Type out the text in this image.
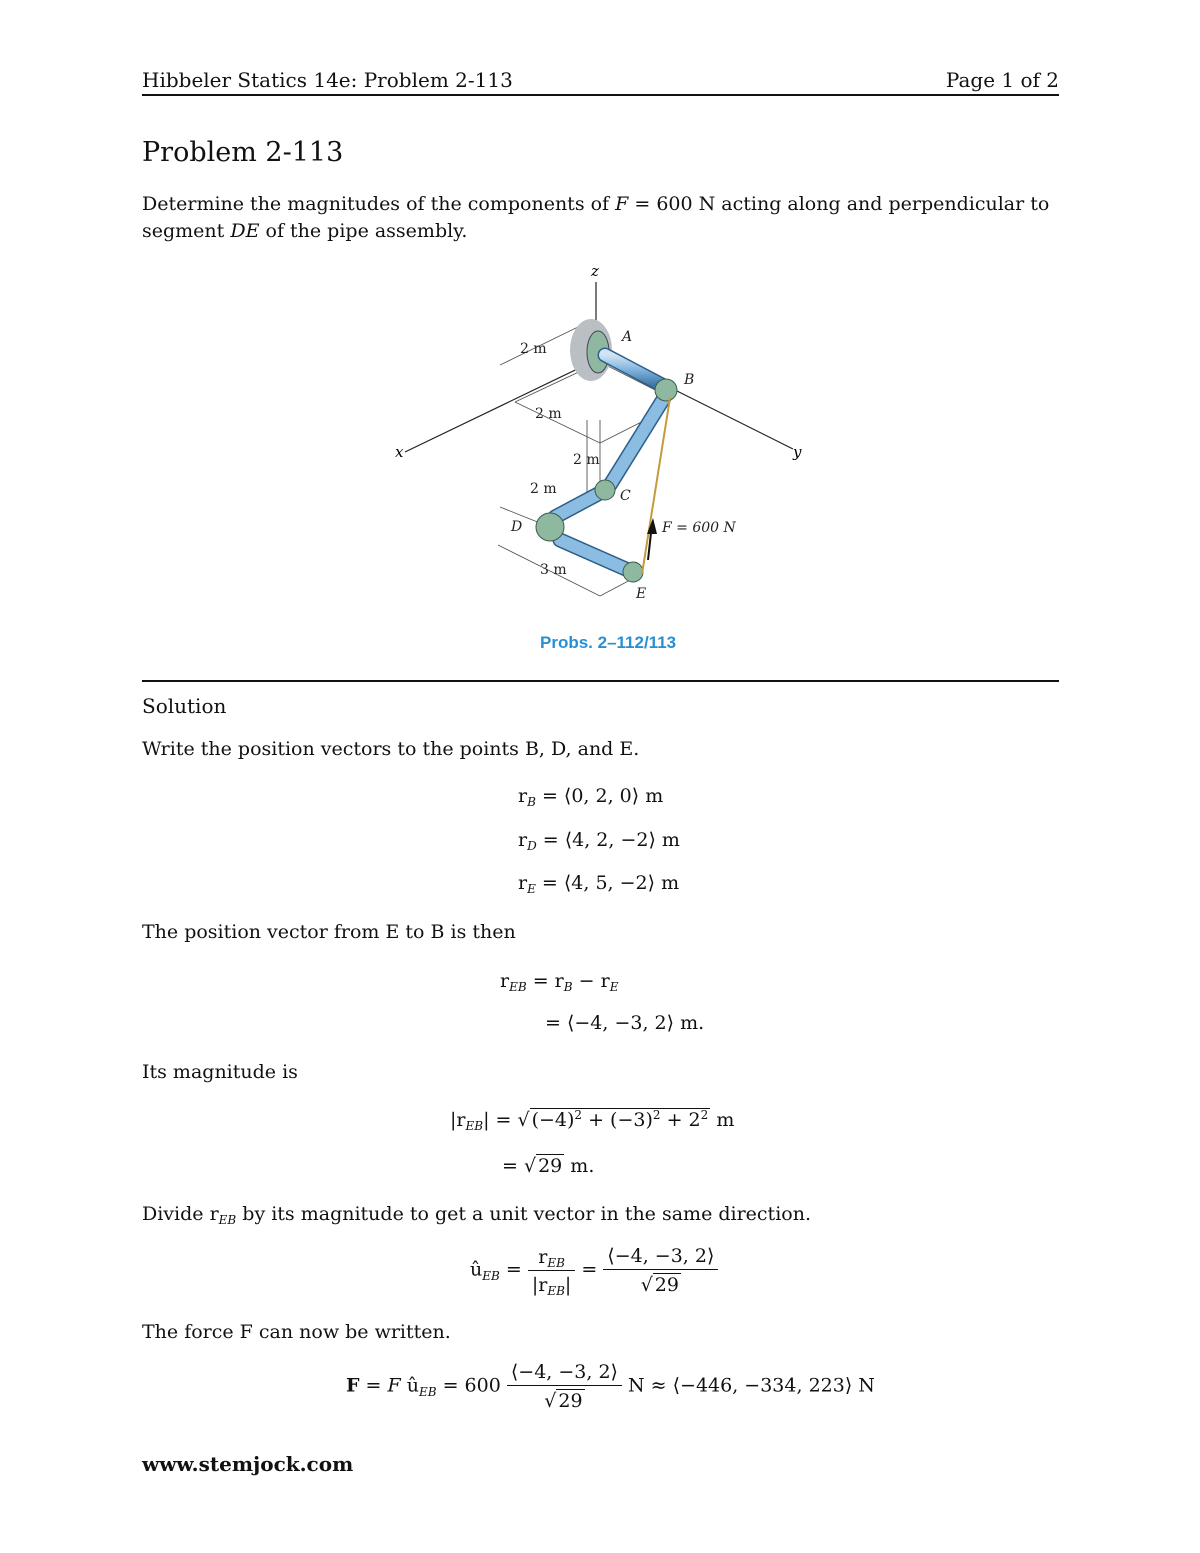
Hibbeler Statics 14e: Problem 2-113	Page 1 of 2
Problem 2-113
Determine the magnitudes of the components of F = 600 N acting along and perpendicular to
segment DE of the pipe assembly.
z
x	y
A
B
C
D
E
2 m
2 m
2 m
2 m
3 m
F = 600 N
Probs. 2–112/113
Solution
Write the position vectors to the points B, D, and E.
$r_B$ = ⟨0, 2, 0⟩ m
$r_D$ = ⟨4, 2, −2⟩ m
$r_E$ = ⟨4, 5, −2⟩ m
The position vector from E to B is then
$r_{EB} = r_B - r_E$
= ⟨−4, −3, 2⟩ m.
Its magnitude is
$|r_{EB}|$ = √ $(-4)^2 + (-3)^2 + 2^2$ m
= √ 29 m.
Divide $r_{EB}$ by its magnitude to get a unit vector in the same direction.
$û_{EB} = \frac{r_{EB}}{|r_{EB}|} = \frac{⟨-4, -3, 2⟩}{√ 29}$
The force F can now be written.
F = F $û_{EB} = 600 \frac{⟨-4, -3, 2⟩}{√ 29}$ N ≈ ⟨−446, −334, 223⟩ N
www.stemjock.com
